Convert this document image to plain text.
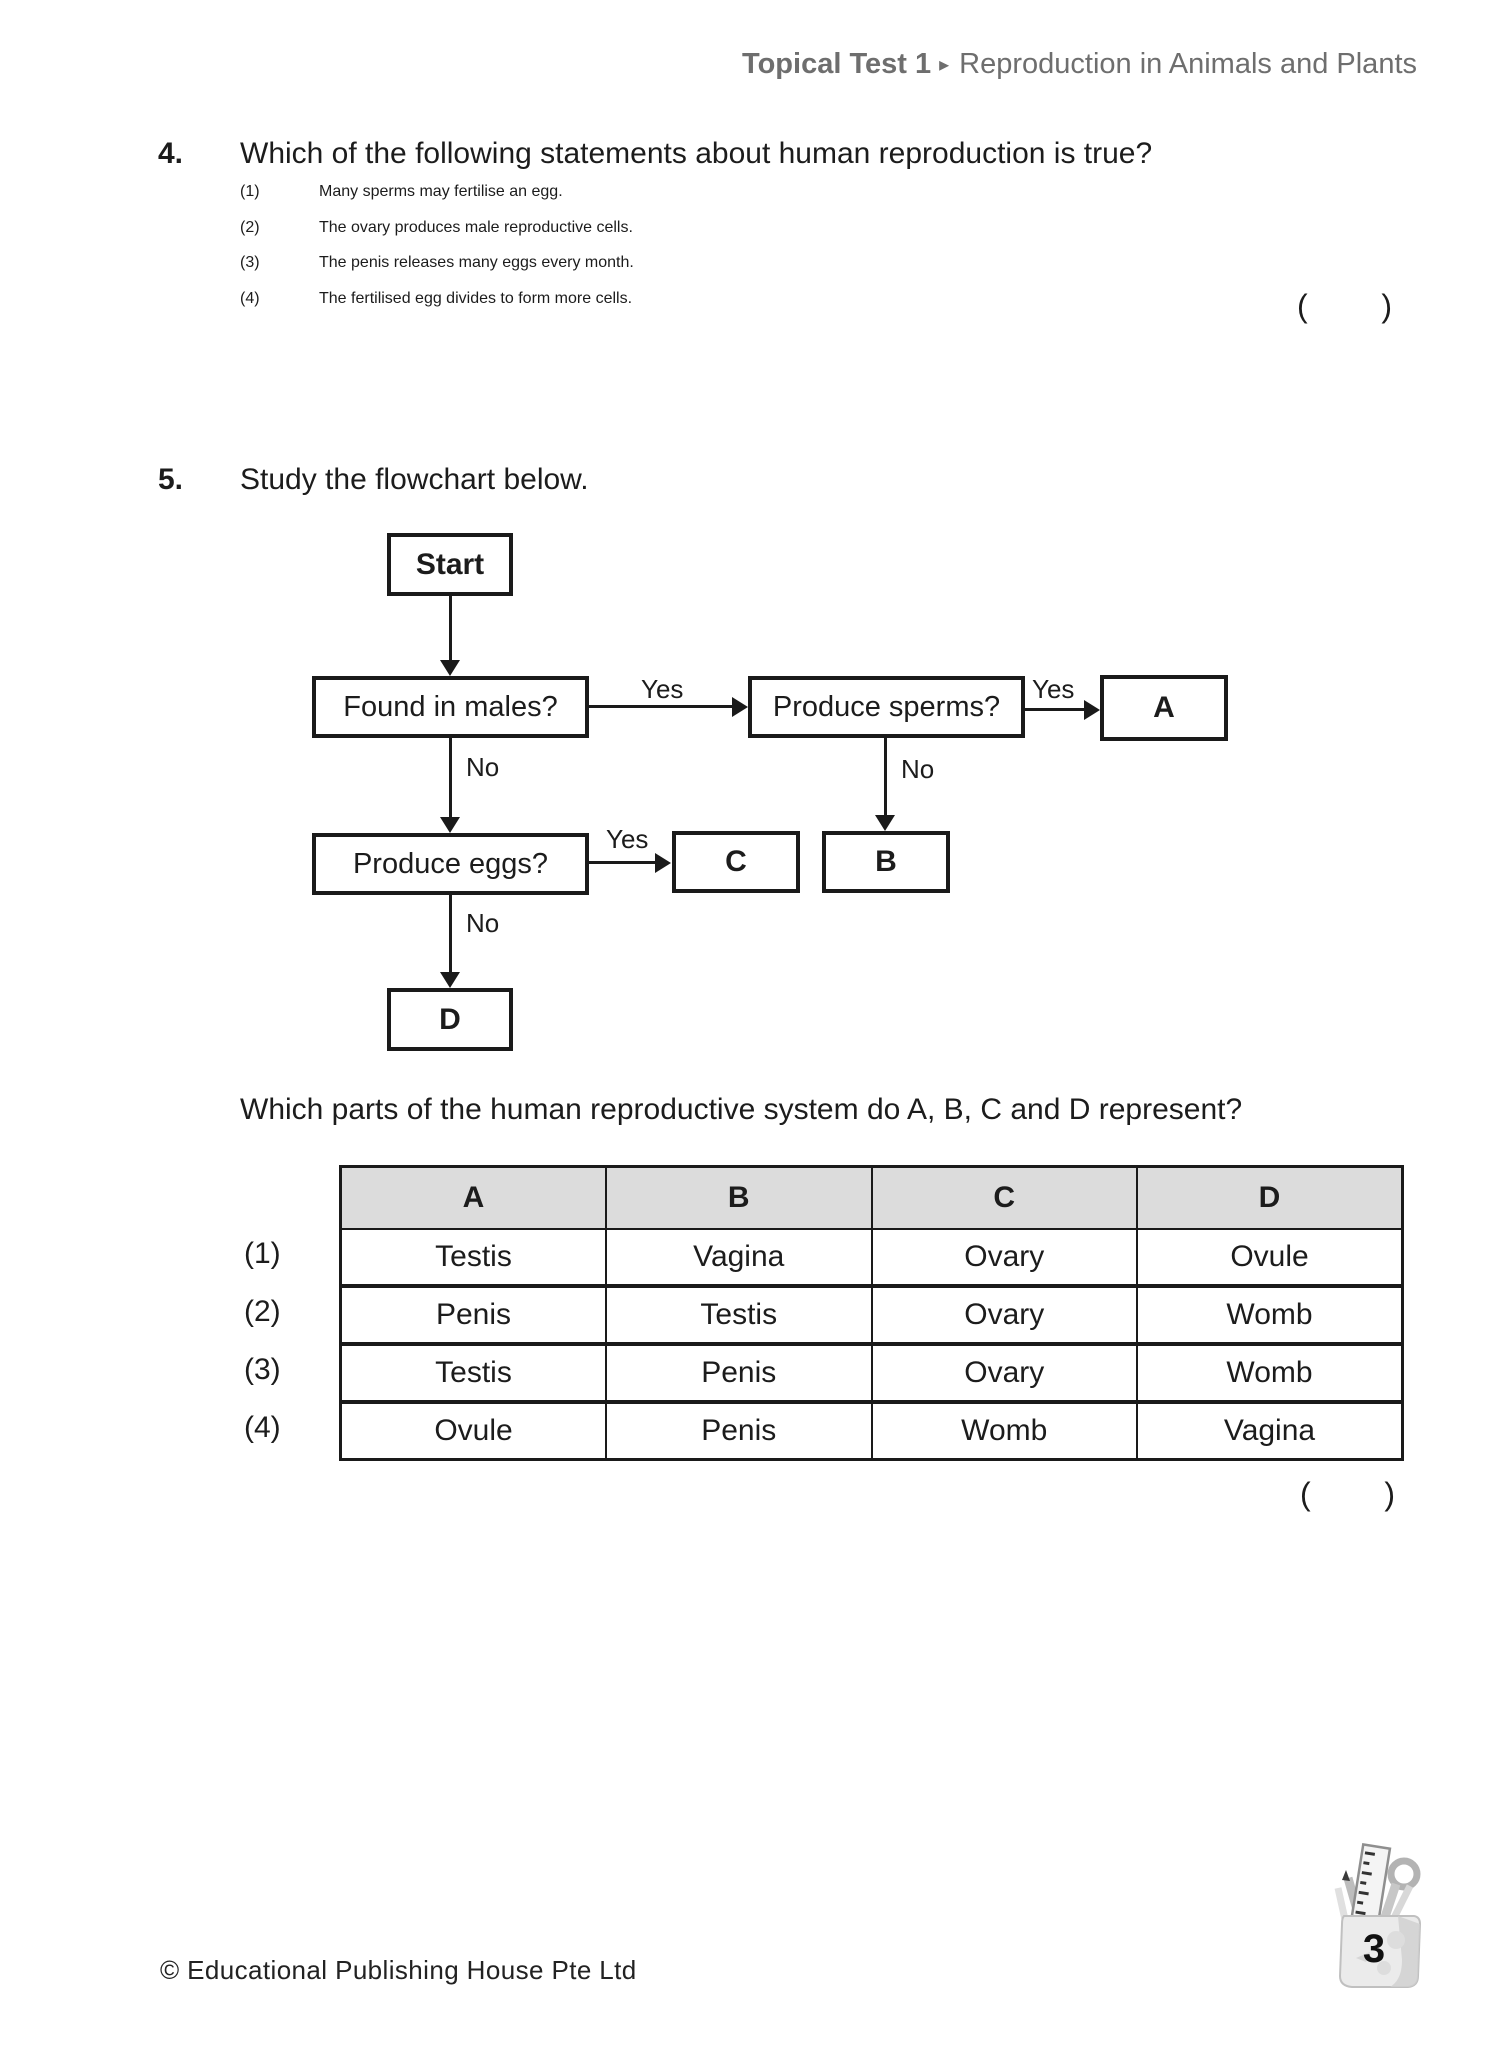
Topical Test 1 ▸ Reproduction in Animals and Plants
4.	Which of the following statements about human reproduction is true?
(1)	Many sperms may fertilise an egg.
(2)	The ovary produces male reproductive cells.
(3)	The penis releases many eggs every month.
(4)	The fertilised egg divides to form more cells.	( )
5.	Study the flowchart below.
Start
Found in males?	Produce sperms?	A
Produce eggs?	C	B
D
Yes	Yes
No	No
Yes
No
Which parts of the human reproductive system do A, B, C and D represent?
(1)
(2)
(3)
(4)
A	B	C	D
Testis	Vagina	Ovary	Ovule
Penis	Testis	Ovary	Womb
Testis	Penis	Ovary	Womb
Ovule	Penis	Womb	Vagina
( )
© Educational Publishing House Pte Ltd	3
